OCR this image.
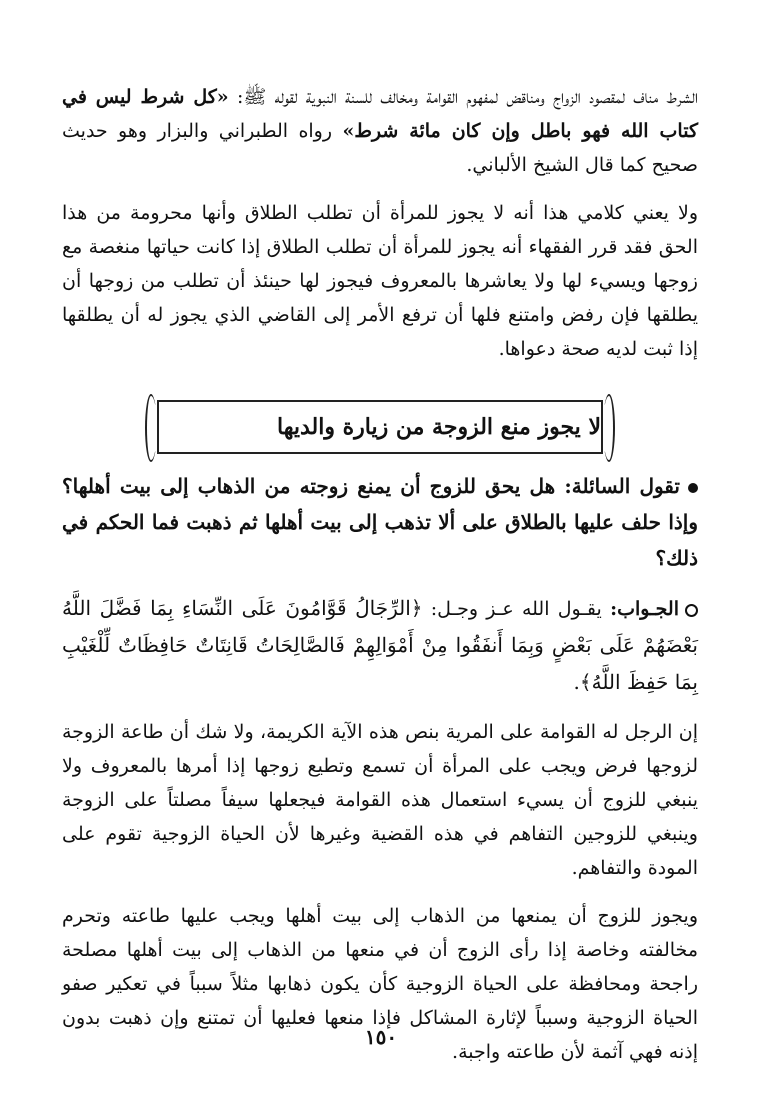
الشرط مناف لمقصود الزواج ومناقض لمفهوم القوامة ومخالف للسنة النبوية لقوله ﷺ: «كل شرط ليس في كتاب الله فهو باطل وإن كان مائة شرط» رواه الطبراني والبزار وهو حديث صحيح كما قال الشيخ الألباني.

ولا يعني كلامي هذا أنه لا يجوز للمرأة أن تطلب الطلاق وأنها محرومة من هذا الحق فقد قرر الفقهاء أنه يجوز للمرأة أن تطلب الطلاق إذا كانت حياتها منغصة مع زوجها ويسيء لها ولا يعاشرها بالمعروف فيجوز لها حينئذ أن تطلب من زوجها أن يطلقها فإن رفض وامتنع فلها أن ترفع الأمر إلى القاضي الذي يجوز له أن يطلقها إذا ثبت لديه صحة دعواها.

لا يجوز منع الزوجة من زيارة والديها

تقول السائلة: هل يحق للزوج أن يمنع زوجته من الذهاب إلى بيت أهلها؟ وإذا حلف عليها بالطلاق على ألا تذهب إلى بيت أهلها ثم ذهبت فما الحكم في ذلك؟

الجـواب: يقـول الله عـز وجـل: ﴿الرِّجَالُ قَوَّامُونَ عَلَى النِّسَاءِ بِمَا فَضَّلَ اللَّهُ بَعْضَهُمْ عَلَى بَعْضٍ وَبِمَا أَنفَقُوا مِنْ أَمْوَالِهِمْ فَالصَّالِحَاتُ قَانِتَاتٌ حَافِظَاتٌ لِّلْغَيْبِ بِمَا حَفِظَ اللَّهُ﴾.

إن الرجل له القوامة على المرية بنص هذه الآية الكريمة، ولا شك أن طاعة الزوجة لزوجها فرض ويجب على المرأة أن تسمع وتطيع زوجها إذا أمرها بالمعروف ولا ينبغي للزوج أن يسيء استعمال هذه القوامة فيجعلها سيفاً مصلتاً على الزوجة وينبغي للزوجين التفاهم في هذه القضية وغيرها لأن الحياة الزوجية تقوم على المودة والتفاهم.

ويجوز للزوج أن يمنعها من الذهاب إلى بيت أهلها ويجب عليها طاعته وتحرم مخالفته وخاصة إذا رأى الزوج أن في منعها من الذهاب إلى بيت أهلها مصلحة راجحة ومحافظة على الحياة الزوجية كأن يكون ذهابها مثلاً سبباً في تعكير صفو الحياة الزوجية وسبباً لإثارة المشاكل فإذا منعها فعليها أن تمتنع وإن ذهبت بدون إذنه فهي آثمة لأن طاعته واجبة.

١٥٠
